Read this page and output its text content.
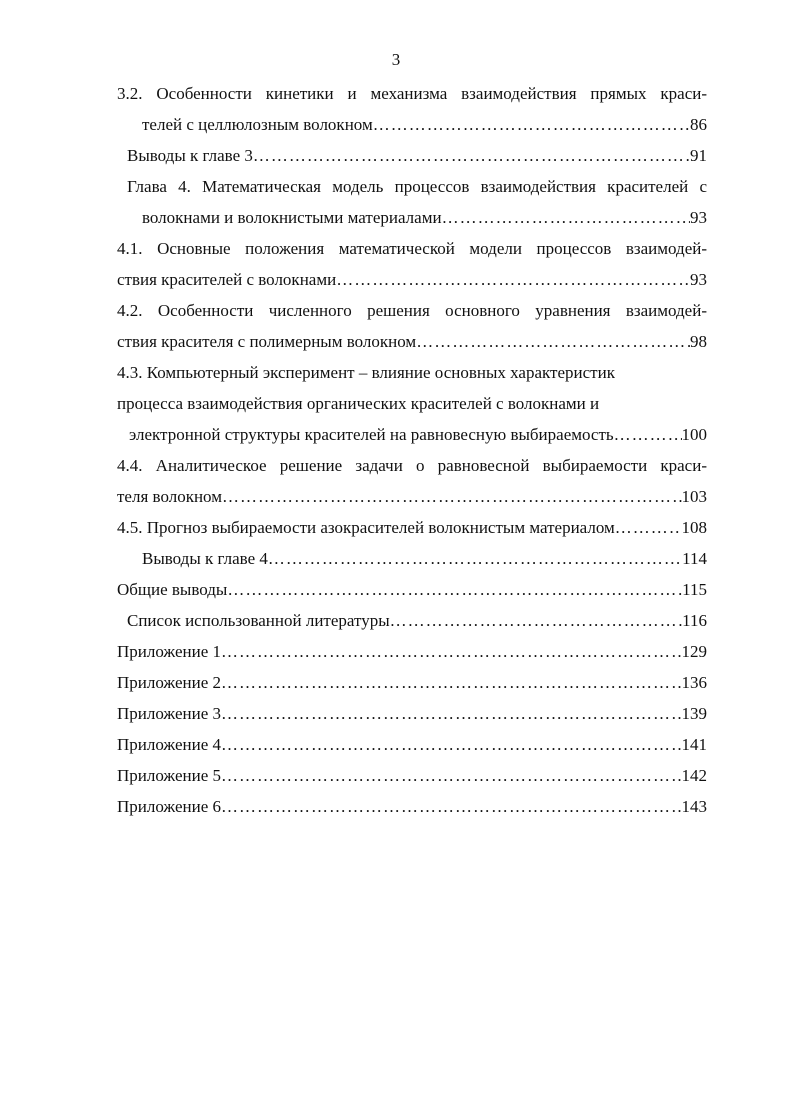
3
3.2. Особенности кинетики и механизма взаимодействия прямых краси-
телей с целлюлозным волокном ……………………………………………………………………………………………………………………………………………	86
Выводы к главе 3 ……………………………………………………………………………………………………………………………………………	91
Глава 4. Математическая модель процессов взаимодействия красителей с
волокнами и волокнистыми материалами ……………………………………………………………………………………………………………………………………………	93
4.1. Основные положения математической модели процессов взаимодей-
ствия красителей с волокнами ……………………………………………………………………………………………………………………………………………	93
4.2. Особенности численного решения основного уравнения взаимодей-
ствия красителя с полимерным волокном ……………………………………………………………………………………………………………………………………………	98
4.3. Компьютерный эксперимент – влияние основных характеристик
процесса взаимодействия органических красителей с волокнами и
электронной структуры красителей на равновесную выбираемость ……………………………………………………………………………………………………………………………………………	100
4.4. Аналитическое решение задачи о равновесной выбираемости краси-
теля волокном ……………………………………………………………………………………………………………………………………………	103
4.5. Прогноз выбираемости азокрасителей волокнистым материалом ……………………………………………………………………………………………………………………………………………	108
Выводы к главе 4 ……………………………………………………………………………………………………………………………………………	114
Общие выводы ……………………………………………………………………………………………………………………………………………	115
Список использованной литературы ……………………………………………………………………………………………………………………………………………	116
Приложение 1 ……………………………………………………………………………………………………………………………………………	129
Приложение 2 ……………………………………………………………………………………………………………………………………………	136
Приложение 3 ……………………………………………………………………………………………………………………………………………	139
Приложение 4 ……………………………………………………………………………………………………………………………………………	141
Приложение 5 ……………………………………………………………………………………………………………………………………………	142
Приложение 6 ……………………………………………………………………………………………………………………………………………	143
